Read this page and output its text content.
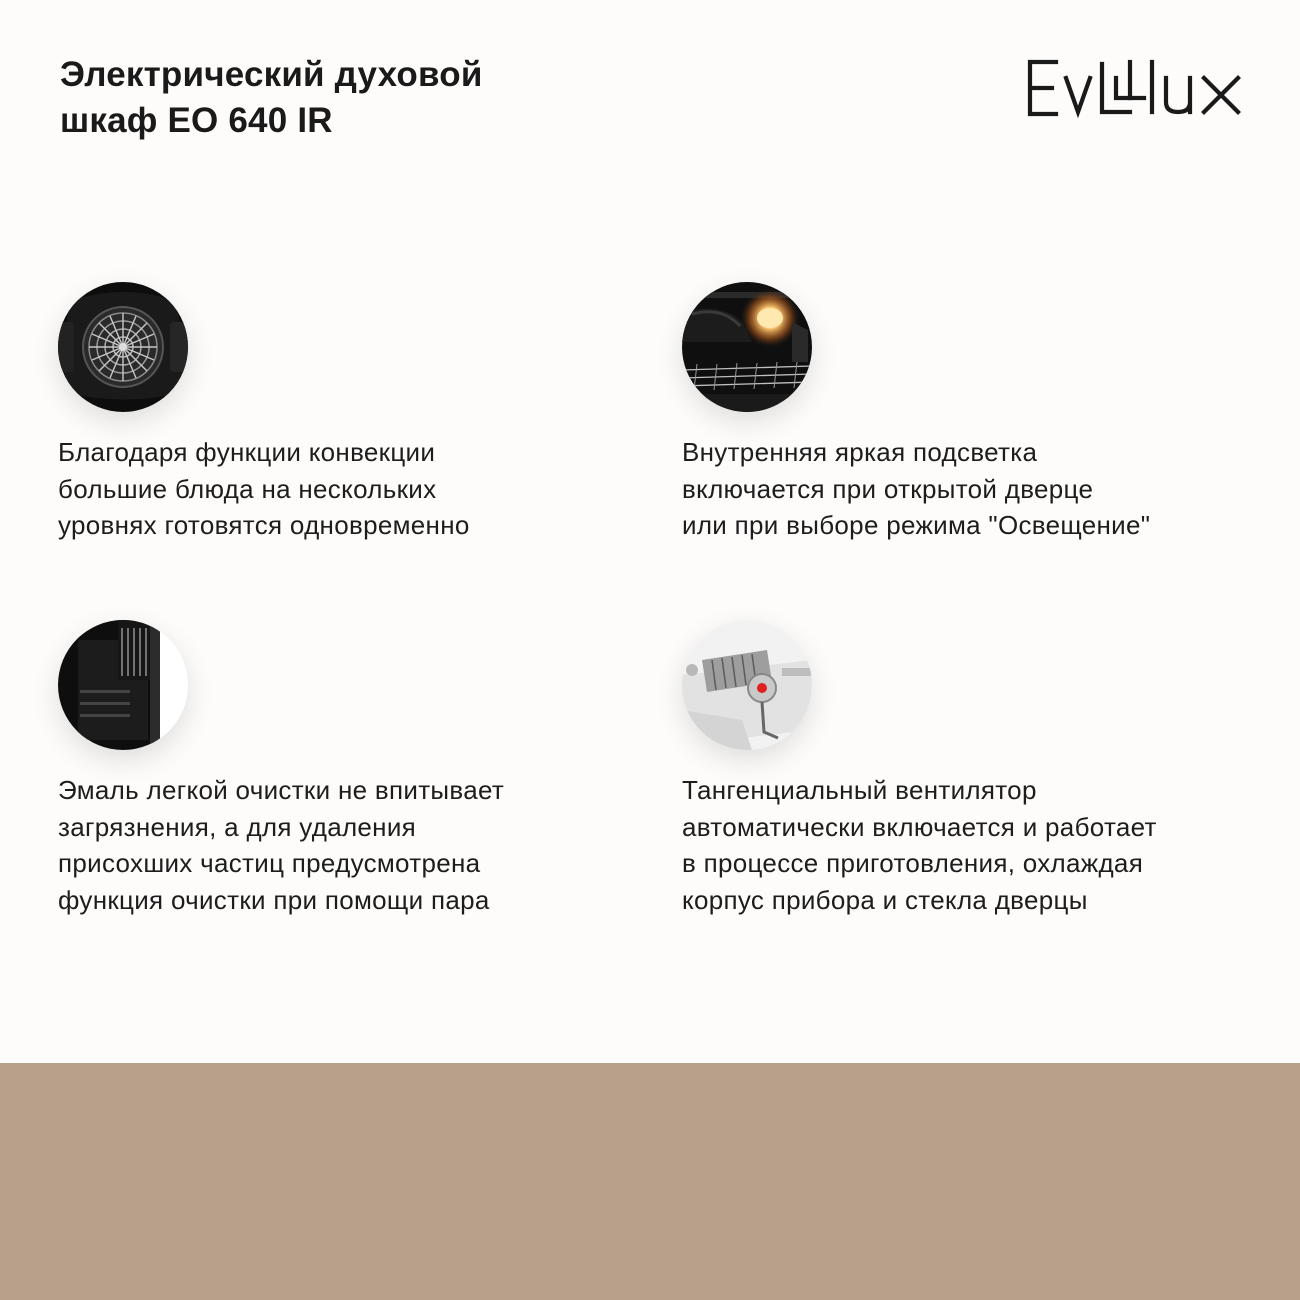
Электрический духовой
шкаф EO 640 IR
Благодаря функции конвекции
большие блюда на нескольких
уровнях готовятся одновременно
Внутренняя яркая подсветка
включается при открытой дверце
или при выборе режима "Освещение"
Эмаль легкой очистки не впитывает
загрязнения, а для удаления
присохших частиц предусмотрена
функция очистки при помощи пара
Тангенциальный вентилятор
автоматически включается и работает
в процессе приготовления, охлаждая
корпус прибора и стекла дверцы
